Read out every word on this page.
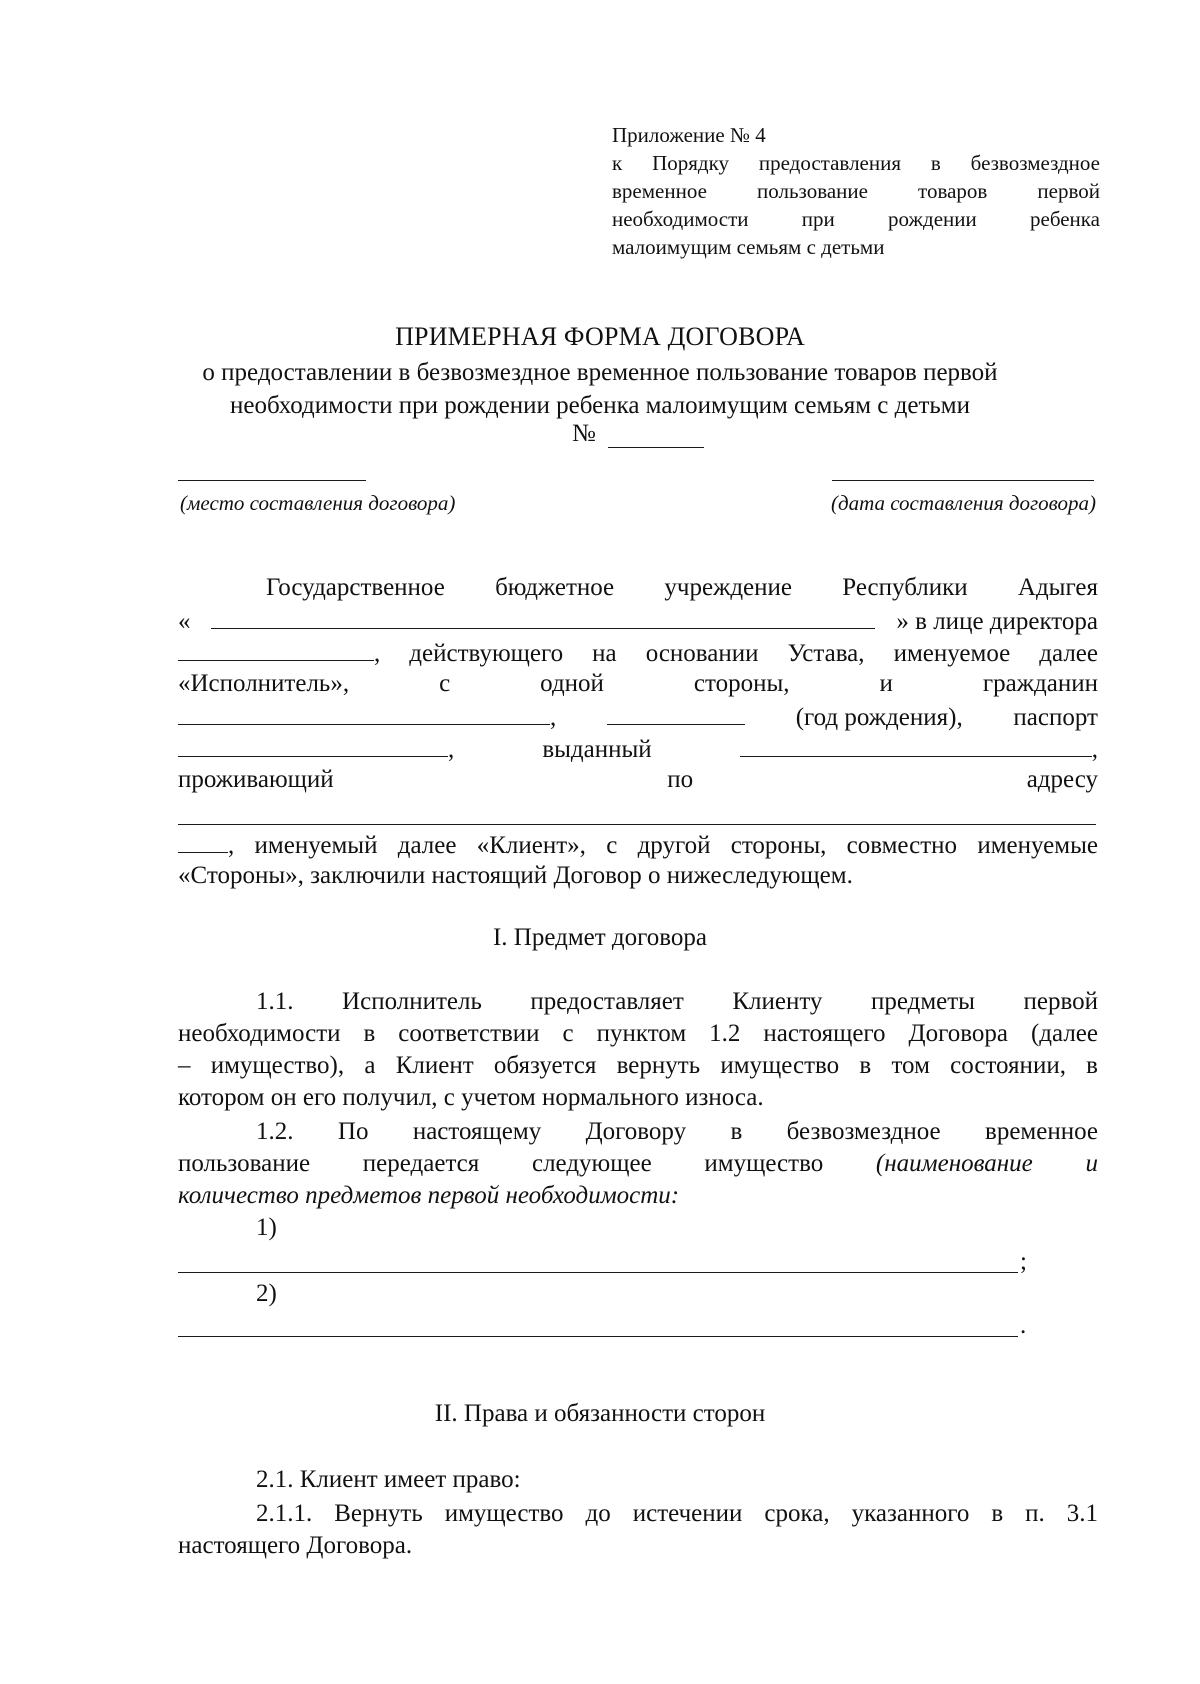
Приложение № 4
к Порядку предоставления в безвозмездное
временное пользование товаров первой
необходимости при рождении ребенка
малоимущим семьям с детьми
ПРИМЕРНАЯ ФОРМА ДОГОВОРА
о предоставлении в безвозмездное временное пользование товаров первой
необходимости при рождении ребенка малоимущим семьям с детьми
№
(место составления договора)	(дата составления договора)
Государственное бюджетное учреждение Республики Адыгея
«	» в лице директора
, действующего на основании Устава, именуемое далее
«Исполнитель»,	с	одной	стороны,	и	гражданин
,	(год рождения), паспорт
,	выданный	,
проживающий	по	адресу
, именуемый далее «Клиент», с другой стороны, совместно именуемые
«Стороны», заключили настоящий Договор о нижеследующем.
I. Предмет договора
1.1. Исполнитель предоставляет Клиенту предметы первой
необходимости в соответствии с пунктом 1.2 настоящего Договора (далее
– имущество), а Клиент обязуется вернуть имущество в том состоянии, в
котором он его получил, с учетом нормального износа.
1.2. По настоящему Договору в безвозмездное временное
пользование передается следующее имущество (наименование и
количество предметов первой необходимости:
1)
;
2)
.
II. Права и обязанности сторон
2.1. Клиент имеет право:
2.1.1. Вернуть имущество до истечении срока, указанного в п. 3.1
настоящего Договора.
